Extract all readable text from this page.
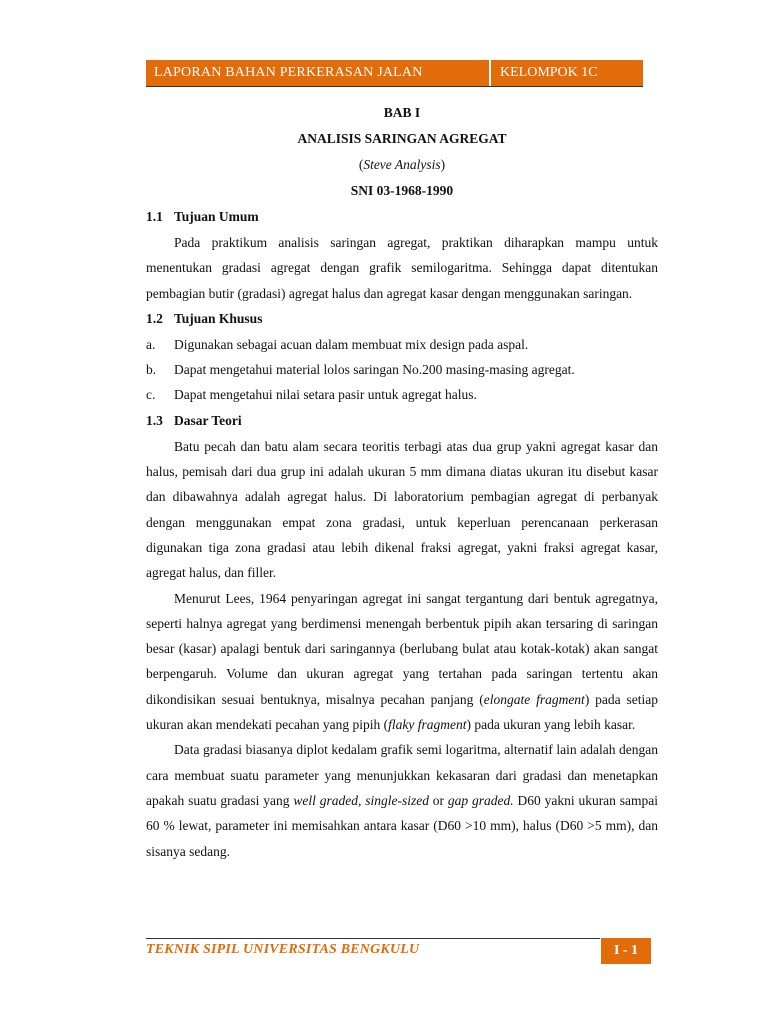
LAPORAN BAHAN PERKERASAN JALAN	KELOMPOK 1C

BAB I

ANALISIS SARINGAN AGREGAT

(Steve Analysis)

SNI 03-1968-1990

1.1 Tujuan Umum

Pada praktikum analisis saringan agregat, praktikan diharapkan mampu untuk menentukan gradasi agregat dengan grafik semilogaritma. Sehingga dapat ditentukan pembagian butir (gradasi) agregat halus dan agregat kasar dengan menggunakan saringan.

1.2 Tujuan Khusus

a. Digunakan sebagai acuan dalam membuat mix design pada aspal.
b. Dapat mengetahui material lolos saringan No.200 masing-masing agregat.
c. Dapat mengetahui nilai setara pasir untuk agregat halus.

1.3 Dasar Teori

Batu pecah dan batu alam secara teoritis terbagi atas dua grup yakni agregat kasar dan halus, pemisah dari dua grup ini adalah ukuran 5 mm dimana diatas ukuran itu disebut kasar dan dibawahnya adalah agregat halus. Di laboratorium pembagian agregat di perbanyak dengan menggunakan empat zona gradasi, untuk keperluan perencanaan perkerasan digunakan tiga zona gradasi atau lebih dikenal fraksi agregat, yakni fraksi agregat kasar, agregat halus, dan filler.

Menurut Lees, 1964 penyaringan agregat ini sangat tergantung dari bentuk agregatnya, seperti halnya agregat yang berdimensi menengah berbentuk pipih akan tersaring di saringan besar (kasar) apalagi bentuk dari saringannya (berlubang bulat atau kotak-kotak) akan sangat berpengaruh. Volume dan ukuran agregat yang tertahan pada saringan tertentu akan dikondisikan sesuai bentuknya, misalnya pecahan panjang (elongate fragment) pada setiap ukuran akan mendekati pecahan yang pipih (flaky fragment) pada ukuran yang lebih kasar.

Data gradasi biasanya diplot kedalam grafik semi logaritma, alternatif lain adalah dengan cara membuat suatu parameter yang menunjukkan kekasaran dari gradasi dan menetapkan apakah suatu gradasi yang well graded, single-sized or gap graded. D60 yakni ukuran sampai 60 % lewat, parameter ini memisahkan antara kasar (D60 >10 mm), halus (D60 >5 mm), dan sisanya sedang.

TEKNIK SIPIL UNIVERSITAS BENGKULU	I - 1
